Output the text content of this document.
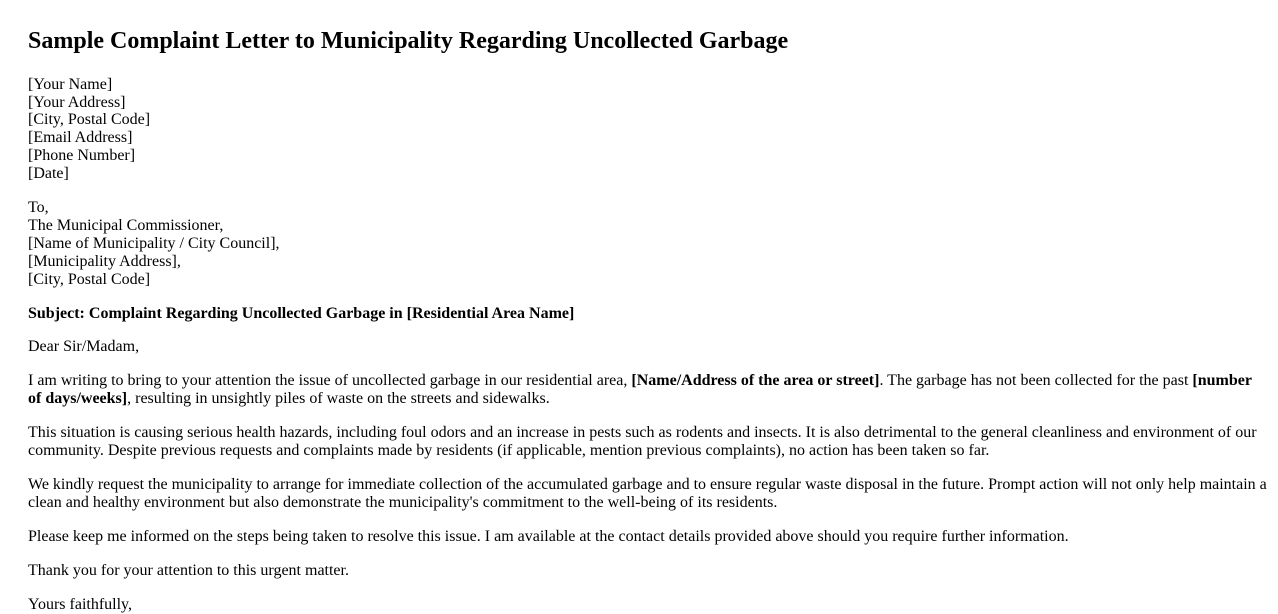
Sample Complaint Letter to Municipality Regarding Uncollected Garbage

[Your Name]
[Your Address]
[City, Postal Code]
[Email Address]
[Phone Number]
[Date]

To,
The Municipal Commissioner,
[Name of Municipality / City Council],
[Municipality Address],
[City, Postal Code]

Subject: Complaint Regarding Uncollected Garbage in [Residential Area Name]

Dear Sir/Madam,

I am writing to bring to your attention the issue of uncollected garbage in our residential area, [Name/Address of the area or street]. The garbage has not been collected for the past [number of days/weeks], resulting in unsightly piles of waste on the streets and sidewalks.

This situation is causing serious health hazards, including foul odors and an increase in pests such as rodents and insects. It is also detrimental to the general cleanliness and environment of our community. Despite previous requests and complaints made by residents (if applicable, mention previous complaints), no action has been taken so far.

We kindly request the municipality to arrange for immediate collection of the accumulated garbage and to ensure regular waste disposal in the future. Prompt action will not only help maintain a clean and healthy environment but also demonstrate the municipality's commitment to the well-being of its residents.

Please keep me informed on the steps being taken to resolve this issue. I am available at the contact details provided above should you require further information.

Thank you for your attention to this urgent matter.

Yours faithfully,
